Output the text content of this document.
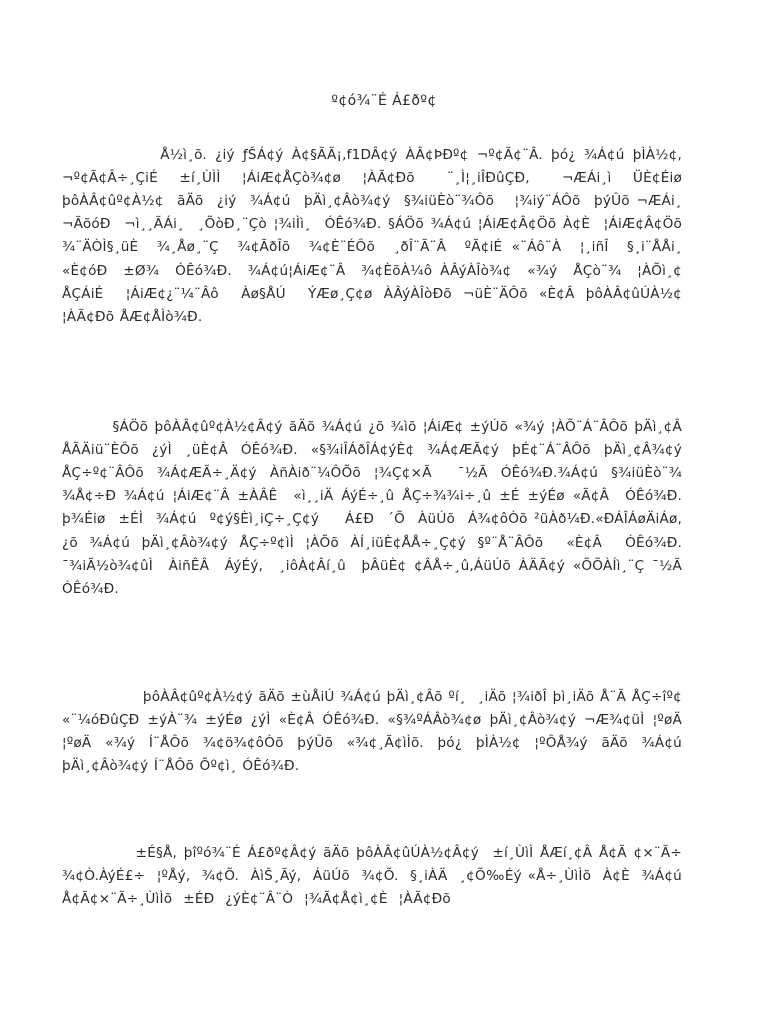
º¢ó¾¨É Á£ðº¢

Å½ì¸õ. ¿iý ƒŠÁ¢ý À¢§ÃÃ¡,f1DÂ¢ý ÀÂ¢ÞÐº¢ ¬º¢Ã¢¨Â. þó¿ ¾Á¢ú þÌÀ½¢, ¬º¢Ã¢Â÷¸ÇiÉ  ±í¸ÙÌÌ  ¦ÁiÆ¢ÅÇò¾¢ø  ¦ÀÃ¢Ðõ   ¨¸Ì¦¸iÎÐûÇÐ,   ¬ÆÁi¸ì  ÜÈ¢Éiø þôÀÂ¢ûº¢À½¢  ãÄõ  ¿iý  ¾Á¢ú  þÄì¸¢Âò¾¢ý  §¾iüÈò¨¾Ôõ   ¦¾iý¨ÁÔõ  þýÛõ ¬ÆÁi¸  ¬ÃõóÐ  ¬ì¸¸ÃÁi¸  ¸ÕòÐ¸¨Çò ¦¾iÌì¸  ÓÊó¾Ð. §ÁÖõ ¾Á¢ú ¦ÁiÆ¢Â¢Öõ À¢È  ¦ÁiÆ¢Â¢Öõ  ¾¨ÄÒÌ§¸üÈ  ¾¸Åø¸¨Ç  ¾¢ÃðÎõ  ¾¢È¨ÉÔõ  ¸ðÎ¨Ã¨Â  ºÃ¢iÉ «¨Áô¨À  ¦¸iñÎ  §¸i¨ÅÅi¸  «È¢óÐ  ±Ø¾  ÓÊó¾Ð.  ¾Á¢ú¦ÁiÆ¢¨Â  ¾¢ÈõÀ¼ô ÀÂýÀÎò¾¢  «¾ý  ÅÇò¨¾  ¦ÀÕì¸¢  ÅÇÁiÉ  ¦ÁiÆ¢¿¨¼¨Âô  Àø§ÅÚ  ÝÆø¸Ç¢ø ÀÂýÀÎòÐõ ¬üÈ¨ÄÔõ «È¢Â þôÀÂ¢ûÚÀ½¢ ¦ÀÃ¢Ðõ ÅÆ¢ÅÌò¾Ð.

§ÁÖõ þôÀÂ¢ûº¢À½¢Â¢ý ãÄõ ¾Á¢ú ¿õ ¾ìõ ¦ÁiÆ¢ ±ýÚõ «¾ý ¦ÀÕ¨Á¨ÂÔõ þÄì¸¢Â ÅÃÄiü¨ÈÔõ ¿ýÌ ¸üÈ¢Â ÓÊó¾Ð. «§¾iÎÁðÎÁ¢ýÈ¢ ¾Á¢ÆÃ¢ý þÉ¢¨Á¨ÂÔõ þÄì¸¢Â¾¢ý ÅÇ÷º¢¨ÂÔõ ¾Á¢ÆÃ÷¸Ä¢ý ÀñÀið¨¼ÔÕõ ¦¾Ç¢×Ã  ¯½Ã ÓÊó¾Ð.¾Á¢ú §¾iüÈò¨¾ ¾Å¢÷Ð ¾Á¢ú ¦ÁiÆ¢¨Â ±ÀÂÊ  «ì¸¸iÄ ÁýÉ÷¸û ÅÇ÷¾¾i÷¸û ±É ±ýÉø «Ã¢Â  ÓÊó¾Ð.  þ¾Éiø  ±ÉÌ  ¾Á¢ú  º¢ý§Èì¸iÇ÷¸Ç¢ý    Á£Ð  ´Õ  ÀüÚõ  Á¾¢ôÒõ ²üÀð¼Ð.«ÐÁÎÁøÄiÁø, ¿õ ¾Á¢ú þÄì¸¢Âò¾¢ý ÅÇ÷º¢ìÌ ¦ÀÕõ ÀÍ¸iüÈ¢ÅÅ÷¸Ç¢ý §º¨Å¨ÂÔõ  «È¢Â  ÓÊó¾Ð.  ¯¾iÃ½ò¾¢ûÌ  ÀiñÊÂ  ÁýÉý,  ¸iôÀ¢Âí¸û  þÂüÈ¢ ¢ÂÅ÷¸û,ÁüÚõ ÀÄÃ¢ý «ÕÕÀÍì¸¨Ç ¯½Ã ÓÊó¾Ð.

þôÀÂ¢ûº¢À½¢ý ãÄõ ±ùÅiÚ ¾Á¢ú þÄì¸¢Âõ ºí¸  ¸iÄõ ¦¾iðÎ þì¸iÄõ Å¨Ã ÅÇ÷îº¢ «¨¼óÐûÇÐ ±ýÀ¨¾ ±ýÉø ¿ýÌ «È¢Â ÓÊó¾Ð. «§¾ºÁÂò¾¢ø þÄì¸¢Âò¾¢ý ¬Æ¾¢üÌ ¦ºøÄ ¦ºøÄ «¾ý Í¨ÅÔõ ¾¢ö¾¢ôÒõ þýÛõ «¾¢¸Ã¢ìÌõ. þó¿ þÌÀ½¢ ¦ºÔÅ¾ý ãÄõ ¾Á¢ú þÄì¸¢Âò¾¢ý Í¨ÅÔõ Õº¢ì¸ ÓÊó¾Ð.

±É§Å, þîºó¾¨É Á£ðº¢Â¢ý ãÄõ þôÀÂ¢ûÚÀ½¢Â¢ý  ±í¸ÙìÌ ÅÆí¸¢Â Å¢Ã ¢×¨Ã÷  ¾¢Ò.ÀýÉ£÷  ¦ºÅý,  ¾¢Õ.  ÀìŠ¸Ãý,  ÁüÚõ  ¾¢Õ.  §¸iÀÄ  ¸¢Õ‰Éý «Å÷¸ÙìÌõ  À¢È  ¾Á¢ú  Å¢Ã¢×¨Ã÷¸ÙìÌõ  ±ÉÐ  ¿ýÈ¢¨Â¨Ò  ¦¾Ã¢Å¢ì¸¢È  ¦ÀÃ¢Ðõ
